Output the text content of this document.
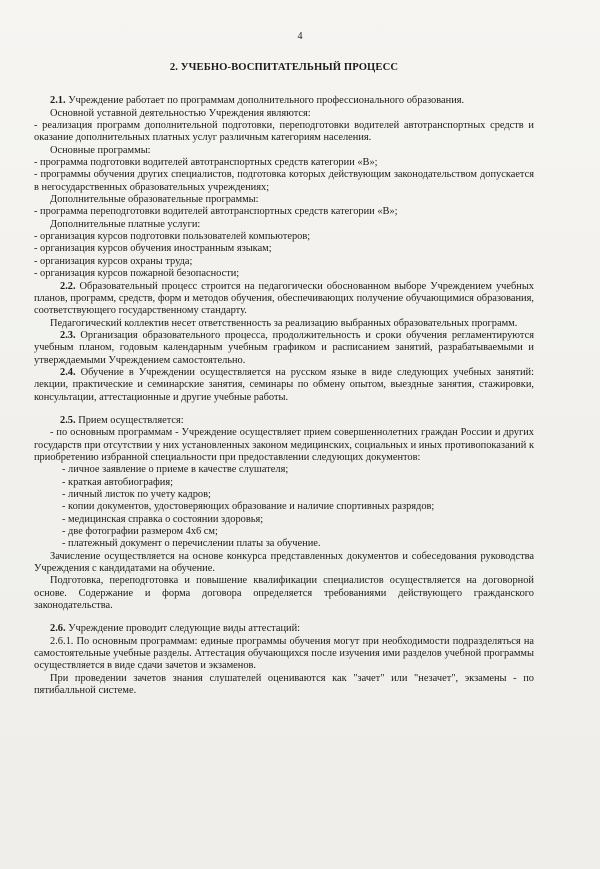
4
2. УЧЕБНО-ВОСПИТАТЕЛЬНЫЙ ПРОЦЕСС

2.1. Учреждение работает по программам дополнительного профессионального образования.

Основной уставной деятельностью Учреждения являются:

- реализация программ дополнительной подготовки, переподготовки водителей автотранспортных средств и оказание дополнительных платных услуг различным категориям населения.

Основные программы:

- программа подготовки водителей автотранспортных средств категории «В»;

- программы обучения других специалистов, подготовка которых действующим законодательством допускается в негосударственных образовательных учреждениях;

Дополнительные образовательные программы:

- программа переподготовки водителей автотранспортных средств категории «В»;

Дополнительные платные услуги:

- организация курсов подготовки пользователей компьютеров;

- организация курсов обучения иностранным языкам;

- организация курсов охраны труда;

- организация курсов пожарной безопасности;

2.2. Образовательный процесс строится на педагогически обоснованном выборе Учреждением учебных планов, программ, средств, форм и методов обучения, обеспечивающих получение обучающимися образования, соответствующего государственному стандарту.

Педагогический коллектив несет ответственность за реализацию выбранных образовательных программ.

2.3. Организация образовательного процесса, продолжительность и сроки обучения регламентируются учебным планом, годовым календарным учебным графиком и расписанием занятий, разрабатываемыми и утверждаемыми Учреждением самостоятельно.

2.4. Обучение в Учреждении осуществляется на русском языке в виде следующих учебных занятий: лекции, практические и семинарские занятия, семинары по обмену опытом, выездные занятия, стажировки, консультации, аттестационные и другие учебные работы.

2.5. Прием осуществляется:

- по основным программам - Учреждение осуществляет прием совершеннолетних граждан России и других государств при отсутствии у них установленных законом медицинских, социальных и иных противопоказаний к приобретению избранной специальности при предоставлении следующих документов:

- личное заявление о приеме в качестве слушателя;
- краткая автобиография;
- личный листок по учету кадров;
- копии документов, удостоверяющих образование и наличие спортивных разрядов;
- медицинская справка о состоянии здоровья;
- две фотографии размером 4х6 см;
- платежный документ о перечислении платы за обучение.

Зачисление осуществляется на основе конкурса представленных документов и собеседования руководства Учреждения с кандидатами на обучение.

Подготовка, переподготовка и повышение квалификации специалистов осуществляется на договорной основе. Содержание и форма договора определяется требованиями действующего гражданского законодательства.

2.6. Учреждение проводит следующие виды аттестаций:

2.6.1. По основным программам: единые программы обучения могут при необходимости подразделяться на самостоятельные учебные разделы. Аттестация обучающихся после изучения ими разделов учебной программы осуществляется в виде сдачи зачетов и экзаменов.

При проведении зачетов знания слушателей оцениваются как "зачет" или "незачет", экзамены - по пятибалльной системе.
